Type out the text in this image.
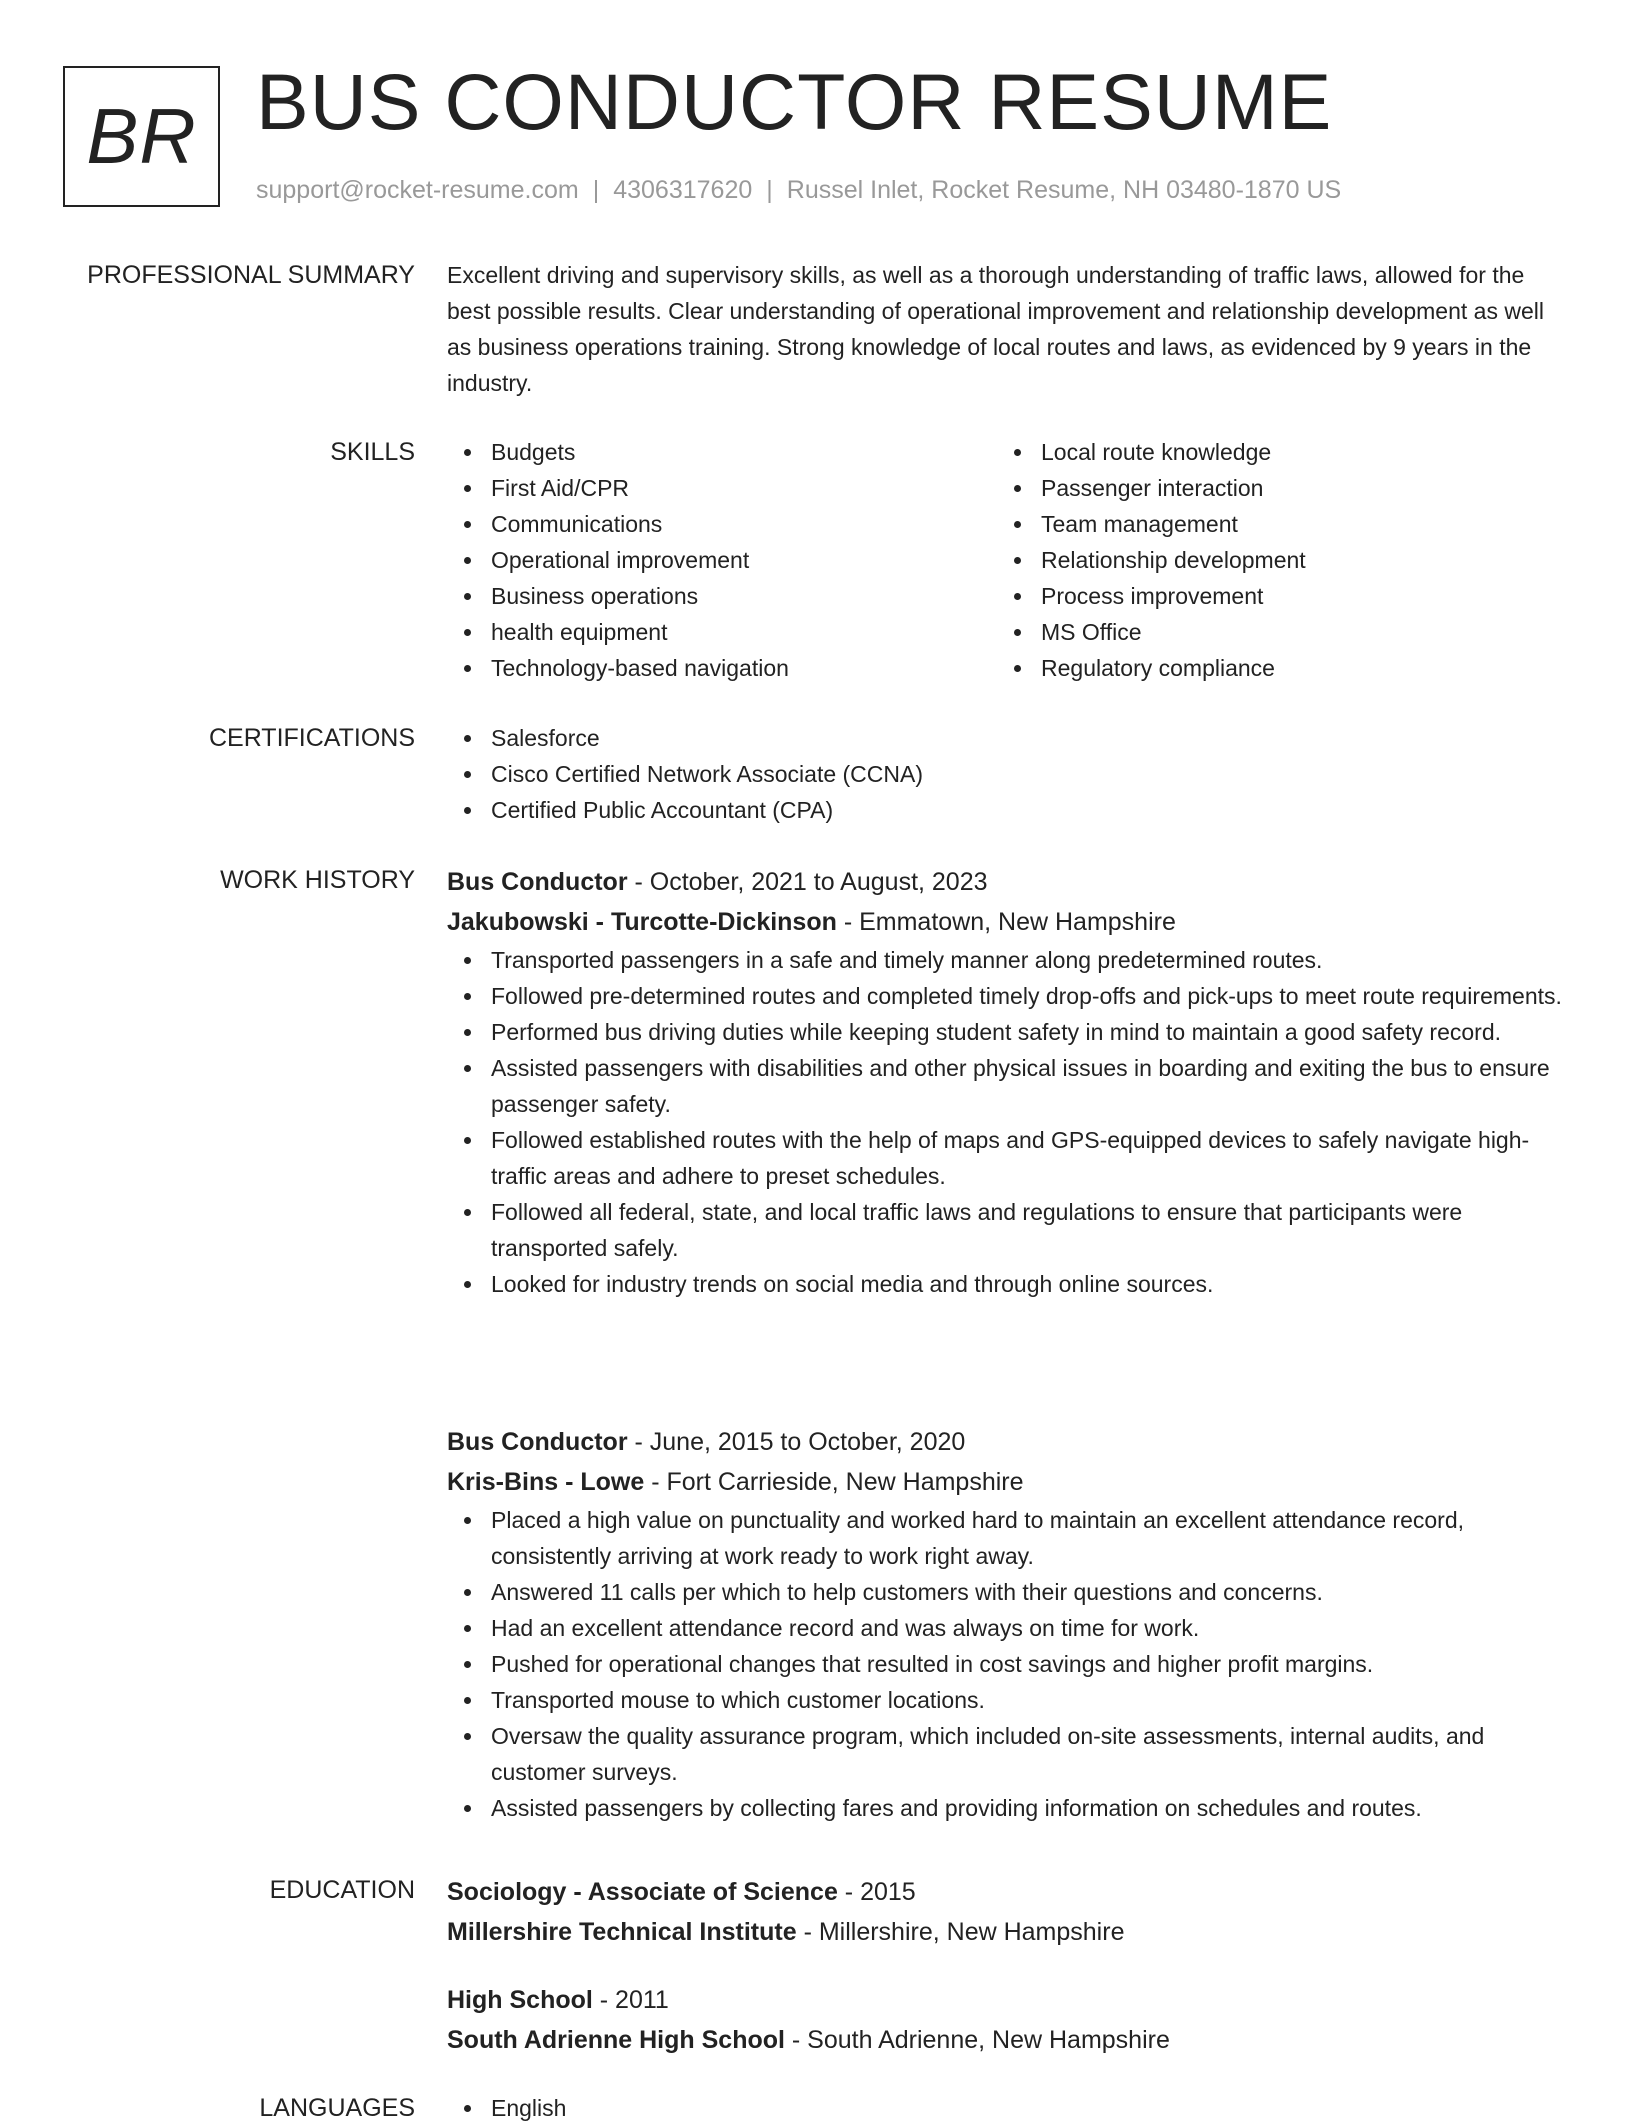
BR BUS CONDUCTOR RESUME
support@rocket-resume.com | 4306317620 | Russel Inlet, Rocket Resume, NH 03480-1870 US
PROFESSIONAL SUMMARY Excellent driving and supervisory skills, as well as a thorough understanding of traffic laws, allowed for the best possible results. Clear understanding of operational improvement and relationship development as well as business operations training. Strong knowledge of local routes and laws, as evidenced by 9 years in the industry.

SKILLS	Budgets
First Aid/CPR
Communications
Operational improvement
Business operations
health equipment
Technology-based navigation
Local route knowledge
Passenger interaction
Team management
Relationship development
Process improvement
MS Office
Regulatory compliance
CERTIFICATIONS	Salesforce
Cisco Certified Network Associate (CCNA)
Certified Public Accountant (CPA)
WORK HISTORY Bus Conductor - October, 2021 to August, 2023
Jakubowski - Turcotte-Dickinson - Emmatown, New Hampshire
Transported passengers in a safe and timely manner along predetermined routes.
Followed pre-determined routes and completed timely drop-offs and pick-ups to meet route requirements.
Performed bus driving duties while keeping student safety in mind to maintain a good safety record.
Assisted passengers with disabilities and other physical issues in boarding and exiting the bus to ensure passenger safety.
Followed established routes with the help of maps and GPS-equipped devices to safely navigate high-traffic areas and adhere to preset schedules.
Followed all federal, state, and local traffic laws and regulations to ensure that participants were transported safely.
Looked for industry trends on social media and through online sources.
Bus Conductor - June, 2015 to October, 2020
Kris-Bins - Lowe - Fort Carrieside, New Hampshire
Placed a high value on punctuality and worked hard to maintain an excellent attendance record, consistently arriving at work ready to work right away.
Answered 11 calls per which to help customers with their questions and concerns.
Had an excellent attendance record and was always on time for work.
Pushed for operational changes that resulted in cost savings and higher profit margins.
Transported mouse to which customer locations.
Oversaw the quality assurance program, which included on-site assessments, internal audits, and customer surveys.
Assisted passengers by collecting fares and providing information on schedules and routes.
EDUCATION Sociology - Associate of Science - 2015
Millershire Technical Institute - Millershire, New Hampshire
High School - 2011
South Adrienne High School - South Adrienne, New Hampshire
LANGUAGES	English
